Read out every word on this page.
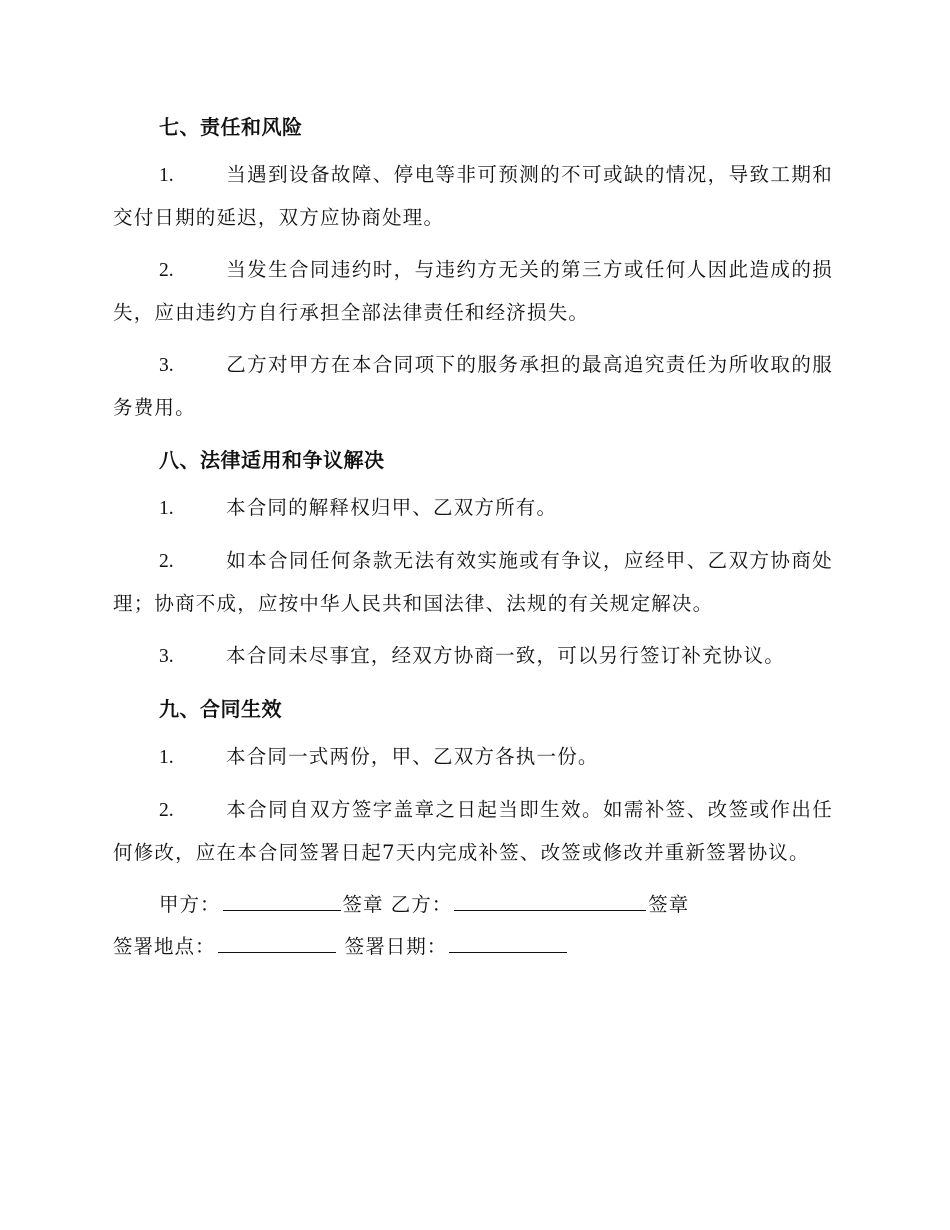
七、责任和风险

1.	当遇到设备故障、停电等非可预测的不可或缺的情况，导致工期和交付日期的延迟，双方应协商处理。

2.	当发生合同违约时，与违约方无关的第三方或任何人因此造成的损失，应由违约方自行承担全部法律责任和经济损失。

3.	乙方对甲方在本合同项下的服务承担的最高追究责任为所收取的服务费用。

八、法律适用和争议解决

1.	本合同的解释权归甲、乙双方所有。

2.	如本合同任何条款无法有效实施或有争议，应经甲、乙双方协商处理；协商不成，应按中华人民共和国法律、法规的有关规定解决。

3.	本合同未尽事宜，经双方协商一致，可以另行签订补充协议。

九、合同生效

1.	本合同一式两份，甲、乙双方各执一份。

2.	本合同自双方签字盖章之日起当即生效。如需补签、改签或作出任何修改，应在本合同签署日起7天内完成补签、改签或修改并重新签署协议。

甲方：	签章 乙方：	签章
签署地点：	签署日期：
